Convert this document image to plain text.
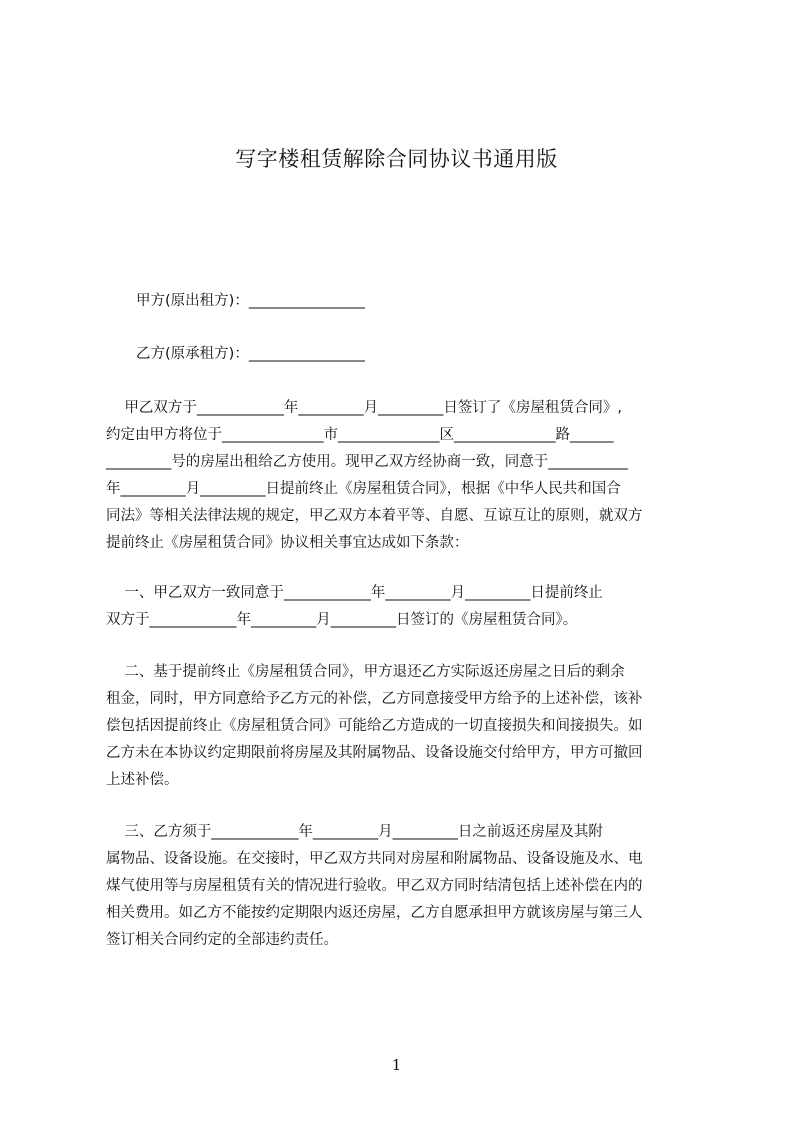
写字楼租赁解除合同协议书通用版
甲方(原出租方)：________________
乙方(原承租方)：________________
甲乙双方于____________年_________月_________日签订了《房屋租赁合同》,
约定由甲方将位于______________市______________区______________路______
_________号的房屋出租给乙方使用。现甲乙双方经协商一致，同意于___________
年_________月_________日提前终止《房屋租赁合同》，根据《中华人民共和国合
同法》等相关法律法规的规定，甲乙双方本着平等、自愿、互谅互让的原则，就双方
提前终止《房屋租赁合同》协议相关事宜达成如下条款：
一、甲乙双方一致同意于____________年_________月_________日提前终止
双方于____________年_________月_________日签订的《房屋租赁合同》。
二、基于提前终止《房屋租赁合同》，甲方退还乙方实际返还房屋之日后的剩余
租金，同时，甲方同意给予乙方元的补偿，乙方同意接受甲方给予的上述补偿，该补
偿包括因提前终止《房屋租赁合同》可能给乙方造成的一切直接损失和间接损失。如
乙方未在本协议约定期限前将房屋及其附属物品、设备设施交付给甲方，甲方可撤回
上述补偿。
三、乙方须于____________年_________月_________日之前返还房屋及其附
属物品、设备设施。在交接时，甲乙双方共同对房屋和附属物品、设备设施及水、电
煤气使用等与房屋租赁有关的情况进行验收。甲乙双方同时结清包括上述补偿在内的
相关费用。如乙方不能按约定期限内返还房屋，乙方自愿承担甲方就该房屋与第三人
签订相关合同约定的全部违约责任。
1
